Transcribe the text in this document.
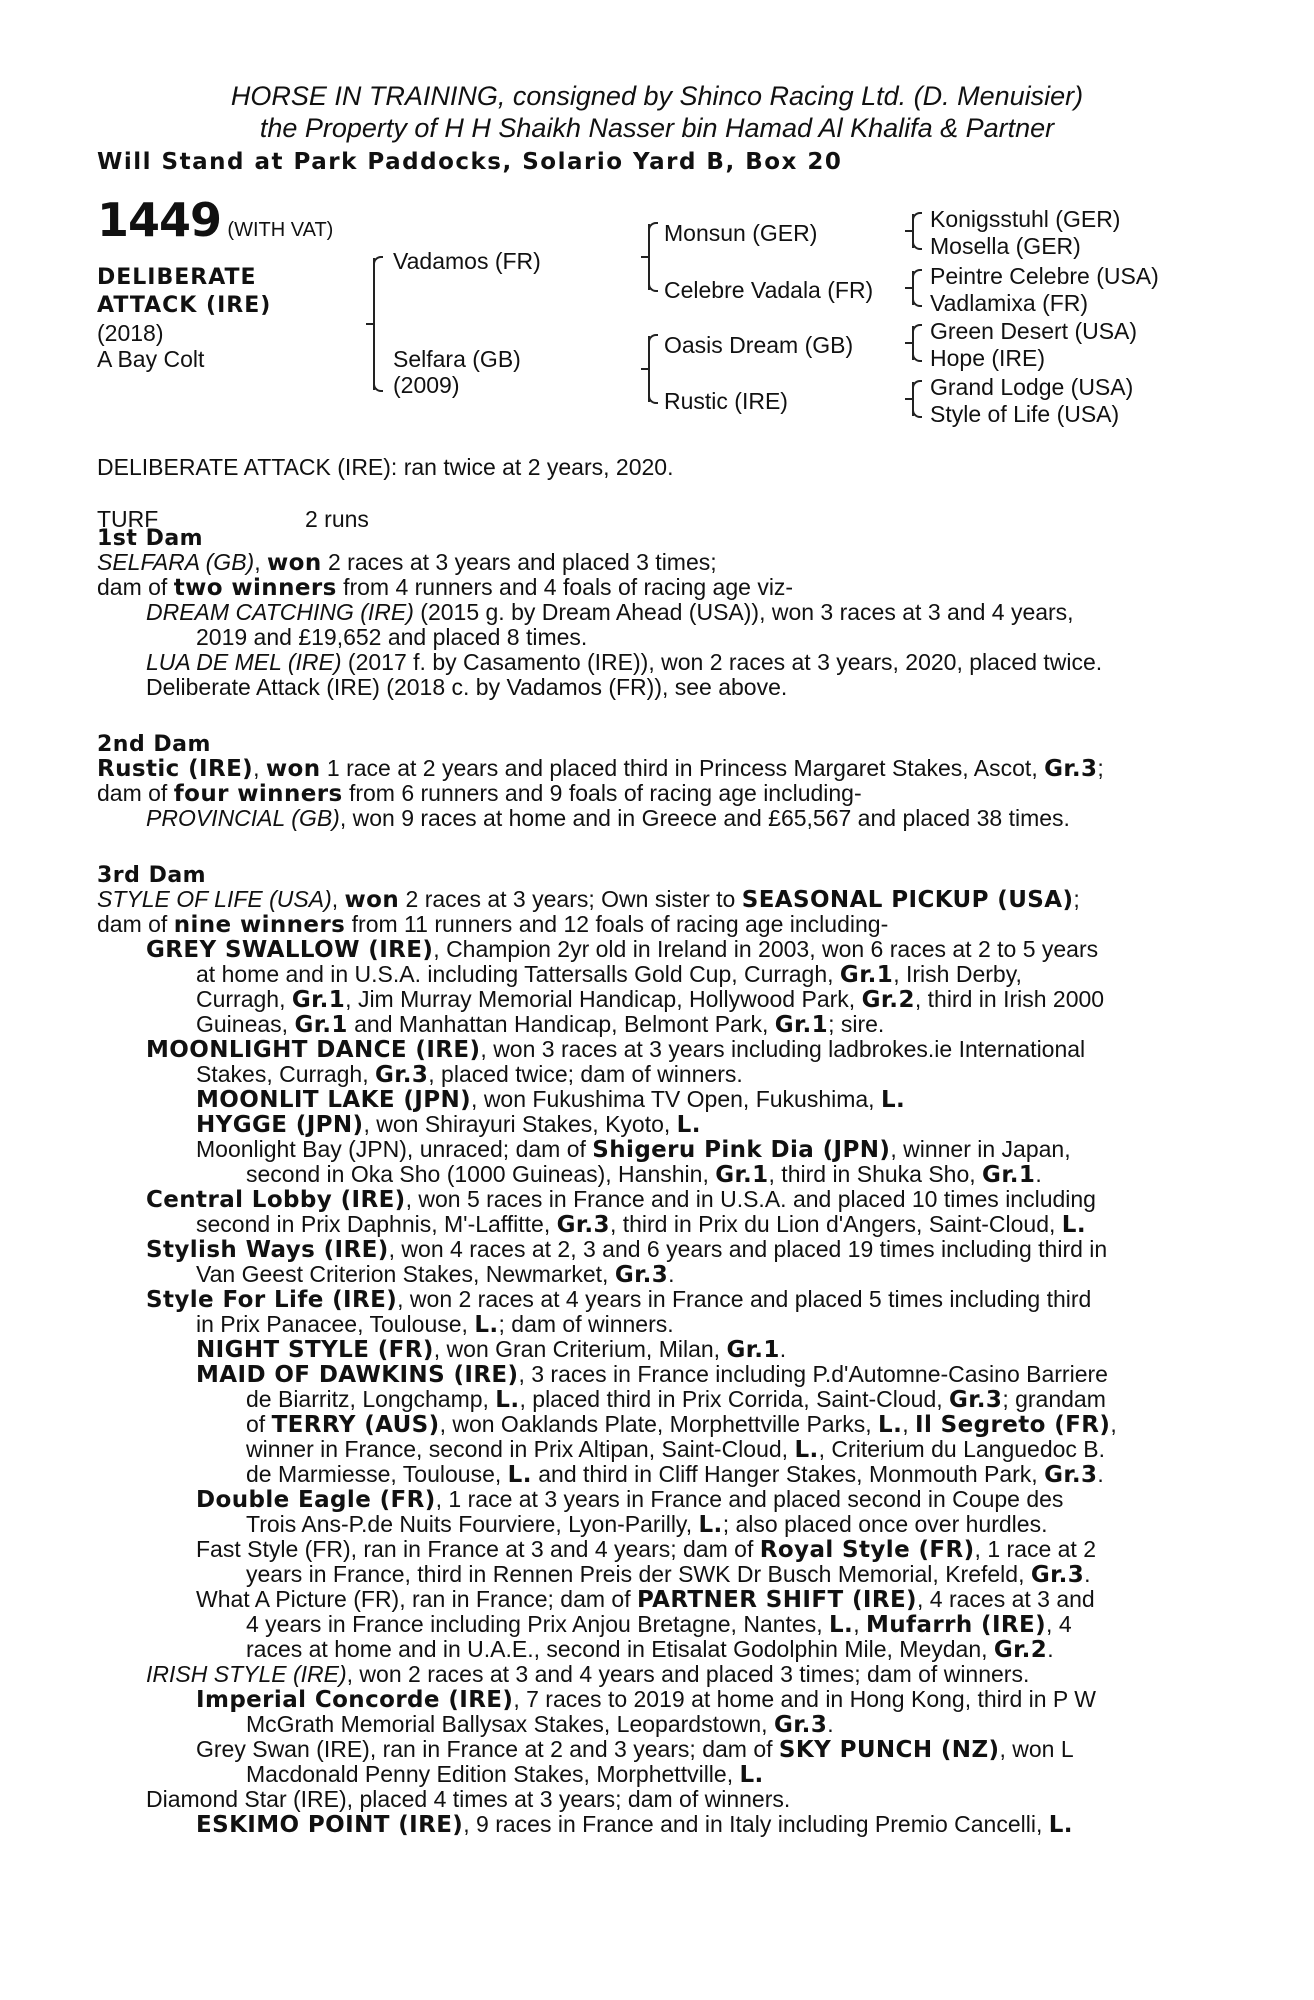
HORSE IN TRAINING, consigned by Shinco Racing Ltd. (D. Menuisier)
the Property of H H Shaikh Nasser bin Hamad Al Khalifa & Partner
Will Stand at Park Paddocks, Solario Yard B, Box 20
1449 (WITH VAT)
DELIBERATE
ATTACK (IRE)
(2018)
A Bay Colt
Vadamos (FR)
Selfara (GB)
(2009)
Monsun (GER)
Celebre Vadala (FR)
Oasis Dream (GB)
Rustic (IRE)
Konigsstuhl (GER)
Mosella (GER)
Peintre Celebre (USA)
Vadlamixa (FR)
Green Desert (USA)
Hope (IRE)
Grand Lodge (USA)
Style of Life (USA)
DELIBERATE ATTACK (IRE): ran twice at 2 years, 2020.
TURF	2 runs
1st Dam
SELFARA (GB), won 2 races at 3 years and placed 3 times;
dam of two winners from 4 runners and 4 foals of racing age viz-
DREAM CATCHING (IRE) (2015 g. by Dream Ahead (USA)), won 3 races at 3 and 4 years,
2019 and £19,652 and placed 8 times.
LUA DE MEL (IRE) (2017 f. by Casamento (IRE)), won 2 races at 3 years, 2020, placed twice.
Deliberate Attack (IRE) (2018 c. by Vadamos (FR)), see above.
2nd Dam
Rustic (IRE), won 1 race at 2 years and placed third in Princess Margaret Stakes, Ascot, Gr.3;
dam of four winners from 6 runners and 9 foals of racing age including-
PROVINCIAL (GB), won 9 races at home and in Greece and £65,567 and placed 38 times.
3rd Dam
STYLE OF LIFE (USA), won 2 races at 3 years; Own sister to SEASONAL PICKUP (USA);
dam of nine winners from 11 runners and 12 foals of racing age including-
GREY SWALLOW (IRE), Champion 2yr old in Ireland in 2003, won 6 races at 2 to 5 years
at home and in U.S.A. including Tattersalls Gold Cup, Curragh, Gr.1, Irish Derby,
Curragh, Gr.1, Jim Murray Memorial Handicap, Hollywood Park, Gr.2, third in Irish 2000
Guineas, Gr.1 and Manhattan Handicap, Belmont Park, Gr.1; sire.
MOONLIGHT DANCE (IRE), won 3 races at 3 years including ladbrokes.ie International
Stakes, Curragh, Gr.3, placed twice; dam of winners.
MOONLIT LAKE (JPN), won Fukushima TV Open, Fukushima, L.
HYGGE (JPN), won Shirayuri Stakes, Kyoto, L.
Moonlight Bay (JPN), unraced; dam of Shigeru Pink Dia (JPN), winner in Japan,
second in Oka Sho (1000 Guineas), Hanshin, Gr.1, third in Shuka Sho, Gr.1.
Central Lobby (IRE), won 5 races in France and in U.S.A. and placed 10 times including
second in Prix Daphnis, M'-Laffitte, Gr.3, third in Prix du Lion d'Angers, Saint-Cloud, L.
Stylish Ways (IRE), won 4 races at 2, 3 and 6 years and placed 19 times including third in
Van Geest Criterion Stakes, Newmarket, Gr.3.
Style For Life (IRE), won 2 races at 4 years in France and placed 5 times including third
in Prix Panacee, Toulouse, L.; dam of winners.
NIGHT STYLE (FR), won Gran Criterium, Milan, Gr.1.
MAID OF DAWKINS (IRE), 3 races in France including P.d'Automne-Casino Barriere
de Biarritz, Longchamp, L., placed third in Prix Corrida, Saint-Cloud, Gr.3; grandam
of TERRY (AUS), won Oaklands Plate, Morphettville Parks, L., Il Segreto (FR),
winner in France, second in Prix Altipan, Saint-Cloud, L., Criterium du Languedoc B.
de Marmiesse, Toulouse, L. and third in Cliff Hanger Stakes, Monmouth Park, Gr.3.
Double Eagle (FR), 1 race at 3 years in France and placed second in Coupe des
Trois Ans-P.de Nuits Fourviere, Lyon-Parilly, L.; also placed once over hurdles.
Fast Style (FR), ran in France at 3 and 4 years; dam of Royal Style (FR), 1 race at 2
years in France, third in Rennen Preis der SWK Dr Busch Memorial, Krefeld, Gr.3.
What A Picture (FR), ran in France; dam of PARTNER SHIFT (IRE), 4 races at 3 and
4 years in France including Prix Anjou Bretagne, Nantes, L., Mufarrh (IRE), 4
races at home and in U.A.E., second in Etisalat Godolphin Mile, Meydan, Gr.2.
IRISH STYLE (IRE), won 2 races at 3 and 4 years and placed 3 times; dam of winners.
Imperial Concorde (IRE), 7 races to 2019 at home and in Hong Kong, third in P W
McGrath Memorial Ballysax Stakes, Leopardstown, Gr.3.
Grey Swan (IRE), ran in France at 2 and 3 years; dam of SKY PUNCH (NZ), won L
Macdonald Penny Edition Stakes, Morphettville, L.
Diamond Star (IRE), placed 4 times at 3 years; dam of winners.
ESKIMO POINT (IRE), 9 races in France and in Italy including Premio Cancelli, L.
